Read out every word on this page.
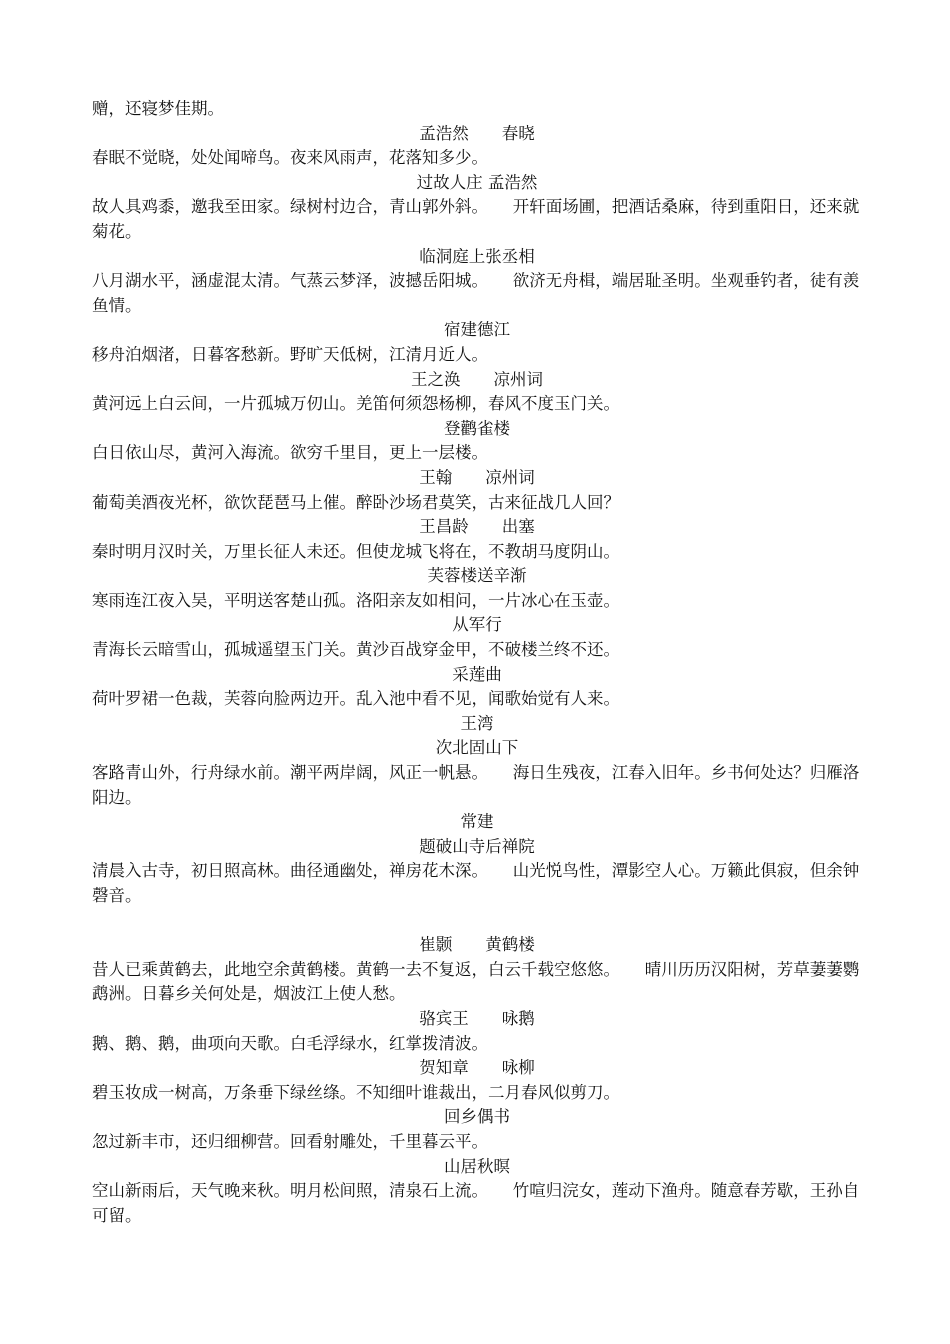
赠，还寝梦佳期。

孟浩然　　春晓

春眠不觉晓，处处闻啼鸟。夜来风雨声，花落知多少。

过故人庄 孟浩然

故人具鸡黍，邀我至田家。绿树村边合，青山郭外斜。　　开轩面场圃，把酒话桑麻，待到重阳日，还来就菊花。

临洞庭上张丞相

八月湖水平，涵虚混太清。气蒸云梦泽，波撼岳阳城。　　欲济无舟楫，端居耻圣明。坐观垂钓者，徒有羡鱼情。

宿建德江

移舟泊烟渚，日暮客愁新。野旷天低树，江清月近人。

王之涣　　凉州词

黄河远上白云间，一片孤城万仞山。羌笛何须怨杨柳，春风不度玉门关。

登鹳雀楼

白日依山尽，黄河入海流。欲穷千里目，更上一层楼。

王翰　　凉州词

葡萄美酒夜光杯，欲饮琵琶马上催。醉卧沙场君莫笑，古来征战几人回？

王昌龄　　出塞

秦时明月汉时关，万里长征人未还。但使龙城飞将在，不教胡马度阴山。

芙蓉楼送辛渐

寒雨连江夜入吴，平明送客楚山孤。洛阳亲友如相问，一片冰心在玉壶。

从军行

青海长云暗雪山，孤城遥望玉门关。黄沙百战穿金甲，不破楼兰终不还。

采莲曲

荷叶罗裙一色裁，芙蓉向脸两边开。乱入池中看不见，闻歌始觉有人来。

王湾

次北固山下

客路青山外，行舟绿水前。潮平两岸阔，风正一帆悬。　　海日生残夜，江春入旧年。乡书何处达？归雁洛阳边。

常建

题破山寺后禅院

清晨入古寺，初日照高林。曲径通幽处，禅房花木深。　　山光悦鸟性，潭影空人心。万籁此俱寂，但余钟磬音。

崔颢　　黄鹤楼

昔人已乘黄鹤去，此地空余黄鹤楼。黄鹤一去不复返，白云千载空悠悠。　　晴川历历汉阳树，芳草萋萋鹦鹉洲。日暮乡关何处是，烟波江上使人愁。

骆宾王　　咏鹅

鹅、鹅、鹅，曲项向天歌。白毛浮绿水，红掌拨清波。

贺知章　　咏柳

碧玉妆成一树高，万条垂下绿丝绦。不知细叶谁裁出，二月春风似剪刀。

回乡偶书

忽过新丰市，还归细柳营。回看射雕处，千里暮云平。

山居秋暝

空山新雨后，天气晚来秋。明月松间照，清泉石上流。　　竹喧归浣女，莲动下渔舟。随意春芳歇，王孙自可留。
